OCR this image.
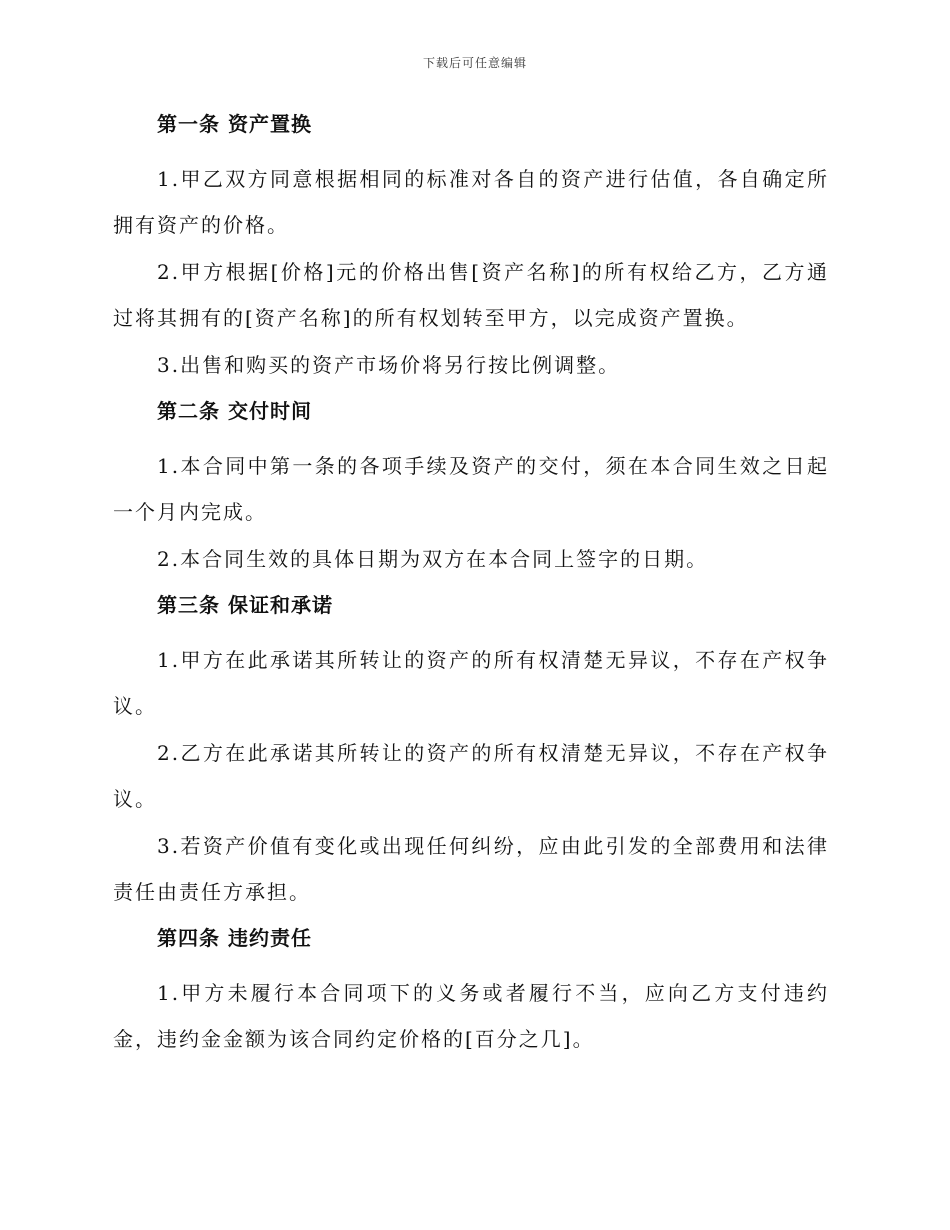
下载后可任意编辑
第一条 资产置换

1.甲乙双方同意根据相同的标准对各自的资产进行估值，各自确定所拥有资产的价格。

2.甲方根据[价格]元的价格出售[资产名称]的所有权给乙方，乙方通过将其拥有的[资产名称]的所有权划转至甲方，以完成资产置换。

3.出售和购买的资产市场价将另行按比例调整。

第二条 交付时间

1.本合同中第一条的各项手续及资产的交付，须在本合同生效之日起一个月内完成。

2.本合同生效的具体日期为双方在本合同上签字的日期。

第三条 保证和承诺

1.甲方在此承诺其所转让的资产的所有权清楚无异议，不存在产权争议。

2.乙方在此承诺其所转让的资产的所有权清楚无异议，不存在产权争议。

3.若资产价值有变化或出现任何纠纷，应由此引发的全部费用和法律责任由责任方承担。

第四条 违约责任

1.甲方未履行本合同项下的义务或者履行不当，应向乙方支付违约金，违约金金额为该合同约定价格的[百分之几]。
